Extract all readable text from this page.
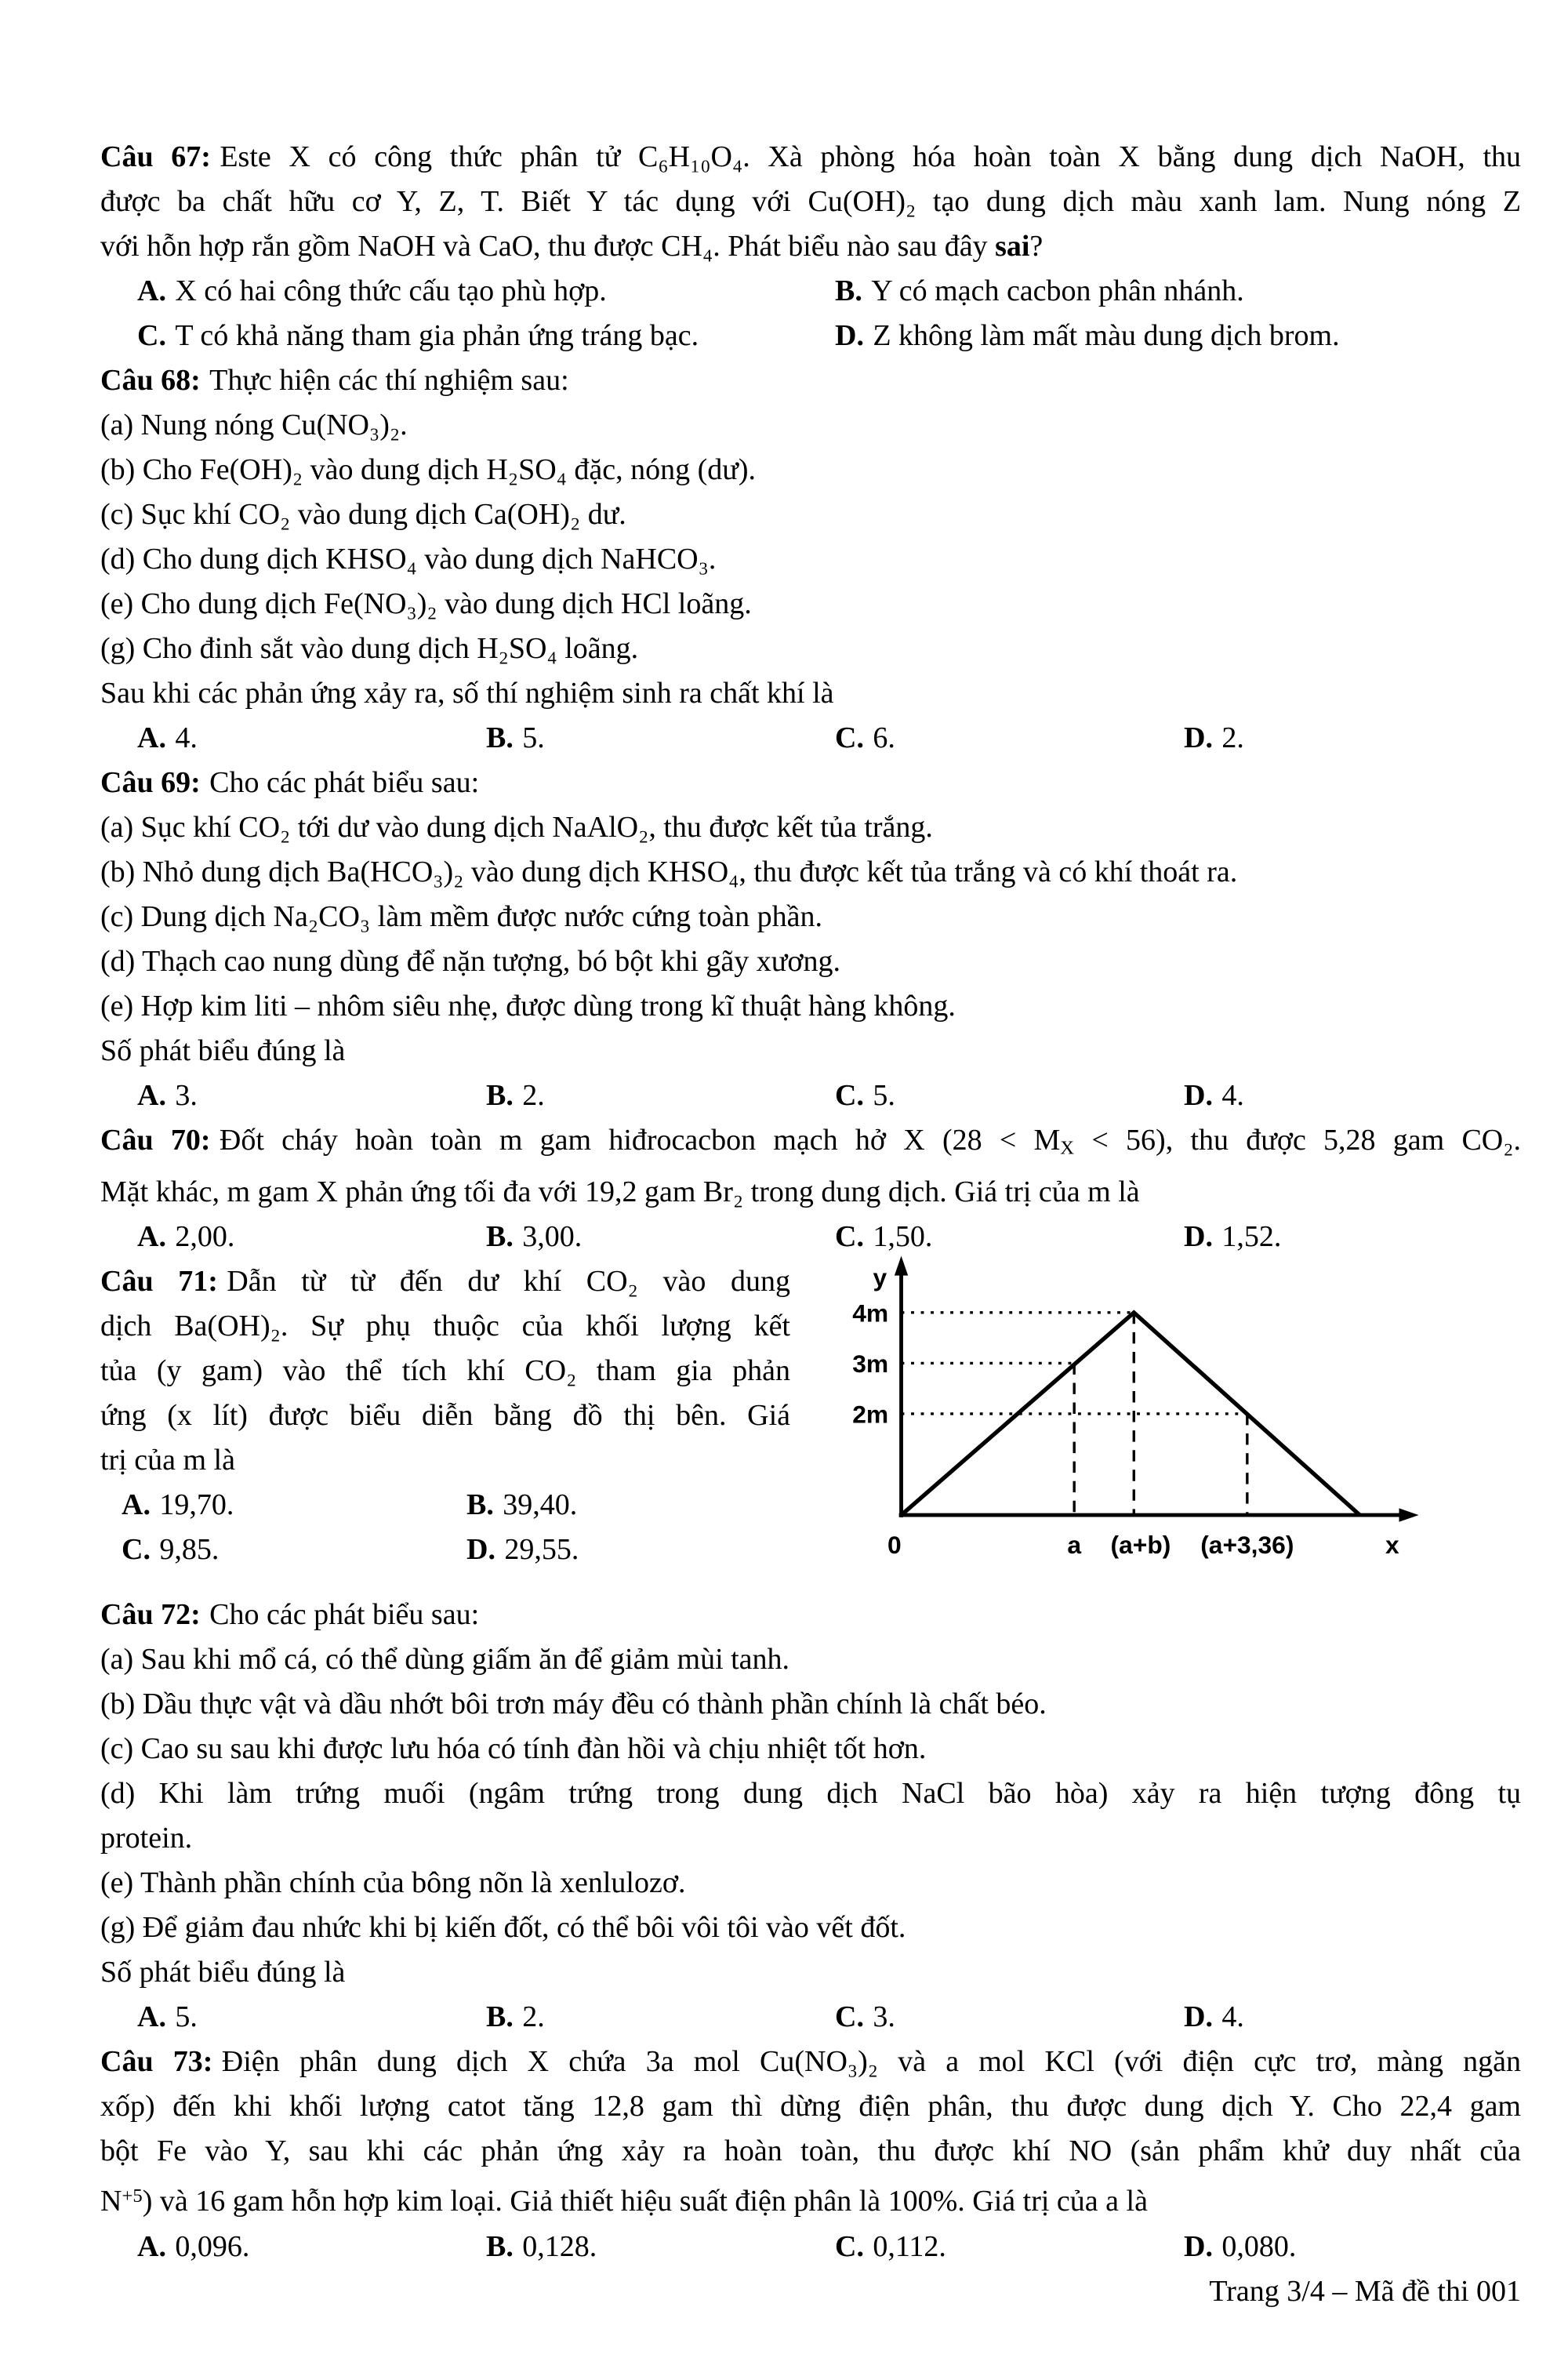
Câu 67: Este X có công thức phân tử C₆H₁₀O₄. Xà phòng hóa hoàn toàn X bằng dung dịch NaOH, thu

được ba chất hữu cơ Y, Z, T. Biết Y tác dụng với Cu(OH)₂ tạo dung dịch màu xanh lam. Nung nóng Z

với hỗn hợp rắn gồm NaOH và CaO, thu được CH₄. Phát biểu nào sau đây sai?

A. X có hai công thức cấu tạo phù hợp.	B. Y có mạch cacbon phân nhánh.

C. T có khả năng tham gia phản ứng tráng bạc.	D. Z không làm mất màu dung dịch brom.

Câu 68: Thực hiện các thí nghiệm sau:

(a) Nung nóng Cu(NO₃)₂.

(b) Cho Fe(OH)₂ vào dung dịch H₂SO₄ đặc, nóng (dư).

(c) Sục khí CO₂ vào dung dịch Ca(OH)₂ dư.

(d) Cho dung dịch KHSO₄ vào dung dịch NaHCO₃.

(e) Cho dung dịch Fe(NO₃)₂ vào dung dịch HCl loãng.

(g) Cho đinh sắt vào dung dịch H₂SO₄ loãng.

Sau khi các phản ứng xảy ra, số thí nghiệm sinh ra chất khí là

A. 4.	B. 5.	C. 6.	D. 2.

Câu 69: Cho các phát biểu sau:

(a) Sục khí CO₂ tới dư vào dung dịch NaAlO₂, thu được kết tủa trắng.

(b) Nhỏ dung dịch Ba(HCO₃)₂ vào dung dịch KHSO₄, thu được kết tủa trắng và có khí thoát ra.

(c) Dung dịch Na₂CO₃ làm mềm được nước cứng toàn phần.

(d) Thạch cao nung dùng để nặn tượng, bó bột khi gãy xương.

(e) Hợp kim liti – nhôm siêu nhẹ, được dùng trong kĩ thuật hàng không.

Số phát biểu đúng là

A. 3.	B. 2.	C. 5.	D. 4.

Câu 70: Đốt cháy hoàn toàn m gam hiđrocacbon mạch hở X $(28 < M_X < 56)$, thu được 5,28 gam CO₂.

Mặt khác, m gam X phản ứng tối đa với 19,2 gam Br₂ trong dung dịch. Giá trị của m là

A. 2,00.	B. 3,00.	C. 1,50.	D. 1,52.

Câu 71: Dẫn từ từ đến dư khí CO₂ vào dung

dịch Ba(OH)₂. Sự phụ thuộc của khối lượng kết

tủa (y gam) vào thể tích khí CO₂ tham gia phản

ứng (x lít) được biểu diễn bằng đồ thị bên. Giá

trị của m là

A. 19,70.	B. 39,40.

C. 9,85.	D. 29,55.

y
x
0
4m
3m
2m
a (a+b) (a+3,36)

Câu 72: Cho các phát biểu sau:

(a) Sau khi mổ cá, có thể dùng giấm ăn để giảm mùi tanh.

(b) Dầu thực vật và dầu nhớt bôi trơn máy đều có thành phần chính là chất béo.

(c) Cao su sau khi được lưu hóa có tính đàn hồi và chịu nhiệt tốt hơn.

(d) Khi làm trứng muối (ngâm trứng trong dung dịch NaCl bão hòa) xảy ra hiện tượng đông tụ

protein.

(e) Thành phần chính của bông nõn là xenlulozơ.

(g) Để giảm đau nhức khi bị kiến đốt, có thể bôi vôi tôi vào vết đốt.

Số phát biểu đúng là

A. 5.	B. 2.	C. 3.	D. 4.

Câu 73: Điện phân dung dịch X chứa 3a mol Cu(NO₃)₂ và a mol KCl (với điện cực trơ, màng ngăn

xốp) đến khi khối lượng catot tăng 12,8 gam thì dừng điện phân, thu được dung dịch Y. Cho 22,4 gam

bột Fe vào Y, sau khi các phản ứng xảy ra hoàn toàn, thu được khí NO (sản phẩm khử duy nhất của

$N^{+5}$) và 16 gam hỗn hợp kim loại. Giả thiết hiệu suất điện phân là 100%. Giá trị của a là

A. 0,096.	B. 0,128.	C. 0,112.	D. 0,080.

Trang 3/4 – Mã đề thi 001
